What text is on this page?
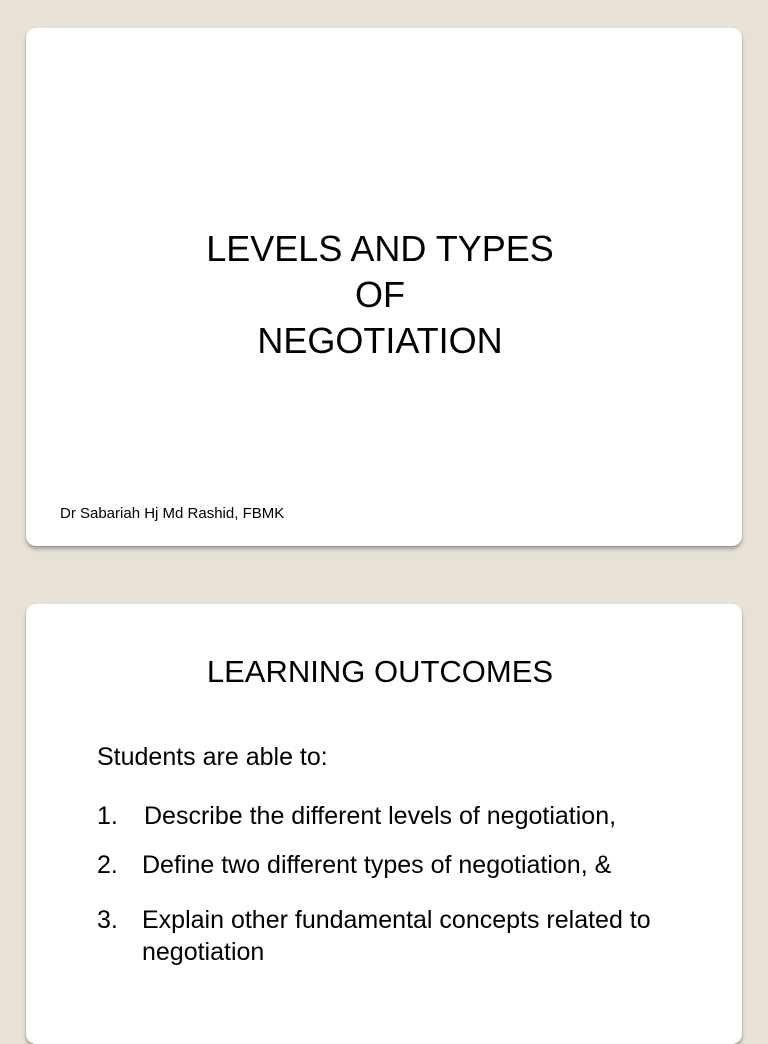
LEVELS AND TYPES
OF
NEGOTIATION
Dr Sabariah Hj Md Rashid, FBMK
LEARNING OUTCOMES
Students are able to:
1.	Describe the different levels of negotiation,
2. Define two different types of negotiation, &
3. Explain other fundamental concepts related to negotiation
